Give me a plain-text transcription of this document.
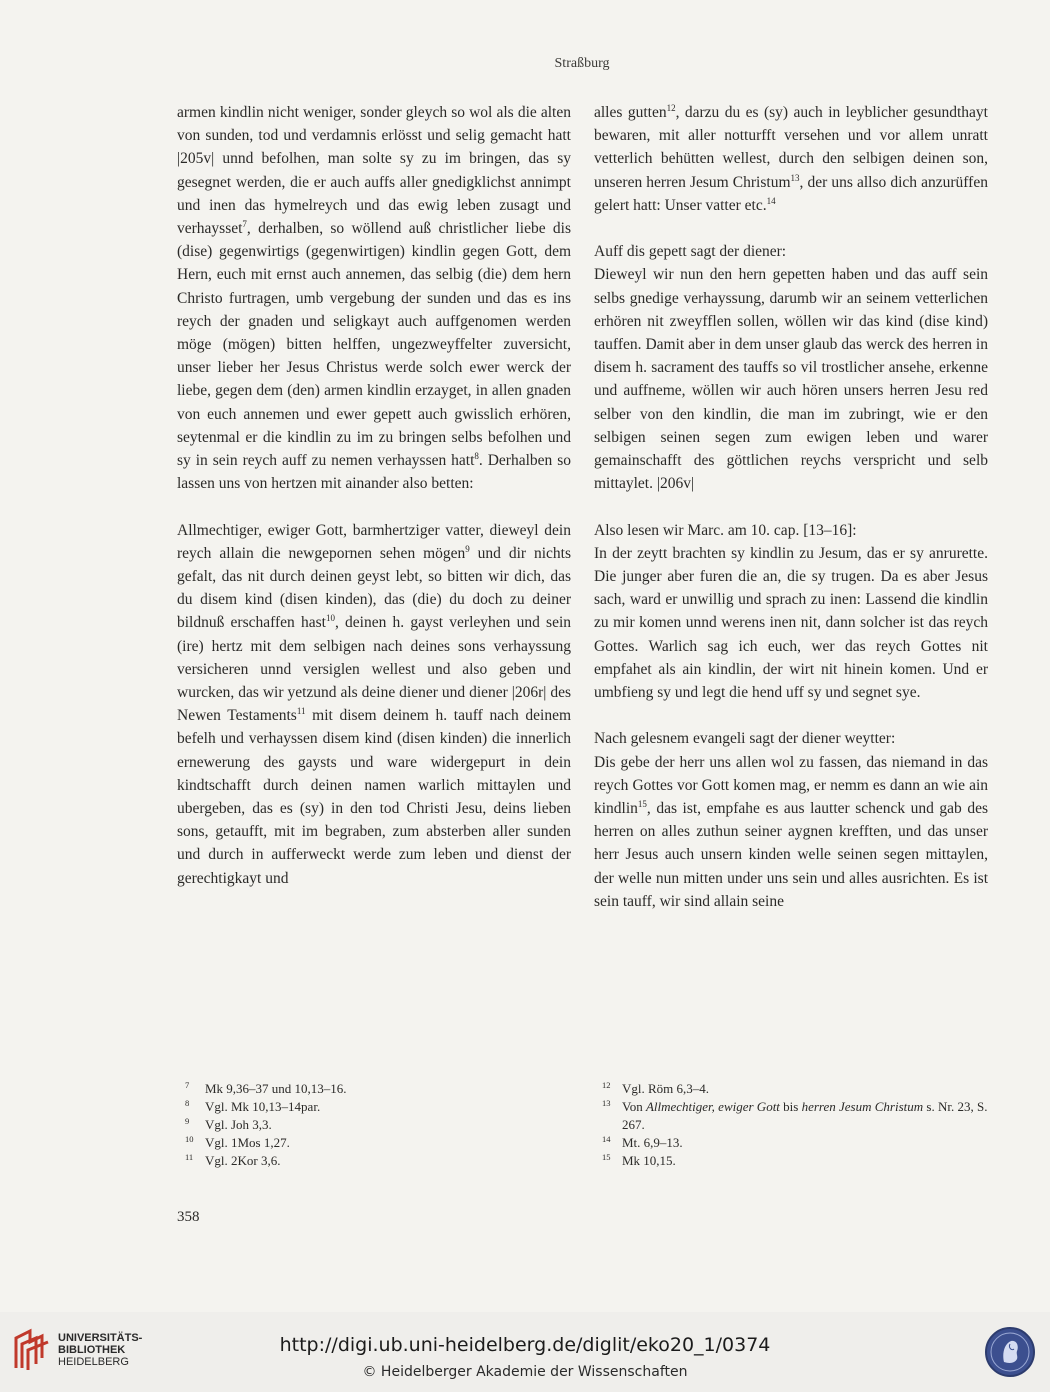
Straßburg

armen kindlin nicht weniger, sonder gleych so wol als die alten von sunden, tod und verdamnis erlösst und selig gemacht hatt |205v| unnd befolhen, man solte sy zu im bringen, das sy gesegnet werden, die er auch auffs aller gnedigklichst annimpt und inen das hymelreych und das ewig leben zusagt und verhaysset$^7$, derhalben, so wöllend auß christlicher liebe dis (dise) gegenwirtigs (gegenwirtigen) kindlin gegen Gott, dem Hern, euch mit ernst auch annemen, das selbig (die) dem hern Christo furtragen, umb vergebung der sunden und das es ins reych der gnaden und seligkayt auch auffgenomen werden möge (mögen) bitten helffen, ungezweyffelter zuversicht, unser lieber her Jesus Christus werde solch ewer werck der liebe, gegen dem (den) armen kindlin erzayget, in allen gnaden von euch annemen und ewer gepett auch gwisslich erhören, seytenmal er die kindlin zu im zu bringen selbs befolhen und sy in sein reych auff zu nemen verhayssen hatt$^8$. Derhalben so lassen uns von hertzen mit ainander also betten:

Allmechtiger, ewiger Gott, barmhertziger vatter, dieweyl dein reych allain die newgepornen sehen mögen$^9$ und dir nichts gefalt, das nit durch deinen geyst lebt, so bitten wir dich, das du disem kind (disen kinden), das (die) du doch zu deiner bildnuß erschaffen hast$^{10}$, deinen h. gayst verleyhen und sein (ire) hertz mit dem selbigen nach deines sons verhayssung versicheren unnd versiglen wellest und also geben und wurcken, das wir yetzund als deine diener und diener |206r| des Newen Testaments$^{11}$ mit disem deinem h. tauff nach deinem befelh und verhayssen disem kind (disen kinden) die innerlich ernewerung des gaysts und ware widergepurt in dein kindtschafft durch deinen namen warlich mittaylen und ubergeben, das es (sy) in den tod Christi Jesu, deins lieben sons, getaufft, mit im begraben, zum absterben aller sunden und durch in aufferweckt werde zum leben und dienst der gerechtigkayt und

alles gutten$^{12}$, darzu du es (sy) auch in leyblicher gesundthayt bewaren, mit aller notturfft versehen und vor allem unratt vetterlich behütten wellest, durch den selbigen deinen son, unseren herren Jesum Christum$^{13}$, der uns allso dich anzurüffen gelert hatt: Unser vatter etc.$^{14}$

Auff dis gepett sagt der diener:

Dieweyl wir nun den hern gepetten haben und das auff sein selbs gnedige verhayssung, darumb wir an seinem vetterlichen erhören nit zweyfflen sollen, wöllen wir das kind (dise kind) tauffen. Damit aber in dem unser glaub das werck des herren in disem h. sacrament des tauffs so vil trostlicher ansehe, erkenne und auffneme, wöllen wir auch hören unsers herren Jesu red selber von den kindlin, die man im zubringt, wie er den selbigen seinen segen zum ewigen leben und warer gemainschafft des göttlichen reychs verspricht und selb mittaylet. |206v|

Also lesen wir Marc. am 10. cap. [13–16]:

In der zeytt brachten sy kindlin zu Jesum, das er sy anrurette. Die junger aber furen die an, die sy trugen. Da es aber Jesus sach, ward er unwillig und sprach zu inen: Lassend die kindlin zu mir komen unnd werens inen nit, dann solcher ist das reych Gottes. Warlich sag ich euch, wer das reych Gottes nit empfahet als ain kindlin, der wirt nit hinein komen. Und er umbfieng sy und legt die hend uff sy und segnet sye.

Nach gelesnem evangeli sagt der diener weytter:

Dis gebe der herr uns allen wol zu fassen, das niemand in das reych Gottes vor Gott komen mag, er nemm es dann an wie ain kindlin$^{15}$, das ist, empfahe es aus lautter schenck und gab des herren on alles zuthun seiner aygnen krefften, und das unser herr Jesus auch unsern kinden welle seinen segen mittaylen, der welle nun mitten under uns sein und alles ausrichten. Es ist sein tauff, wir sind allain seine

7	Mk 9,36–37 und 10,13–16.
8	Vgl. Mk 10,13–14par.
9	Vgl. Joh 3,3.
10 Vgl. 1Mos 1,27.
11 Vgl. 2Kor 3,6.
12 Vgl. Röm 6,3–4.
13 Von Allmechtiger, ewiger Gott bis herren Jesum Christum s. Nr. 23, S. 267.
14 Mt. 6,9–13.
15 Mk 10,15.
358
UNIVERSITÄTS-
BIBLIOTHEK
HEIDELBERG
http://digi.ub.uni-heidelberg.de/diglit/eko20_1/0374
© Heidelberger Akademie der Wissenschaften
